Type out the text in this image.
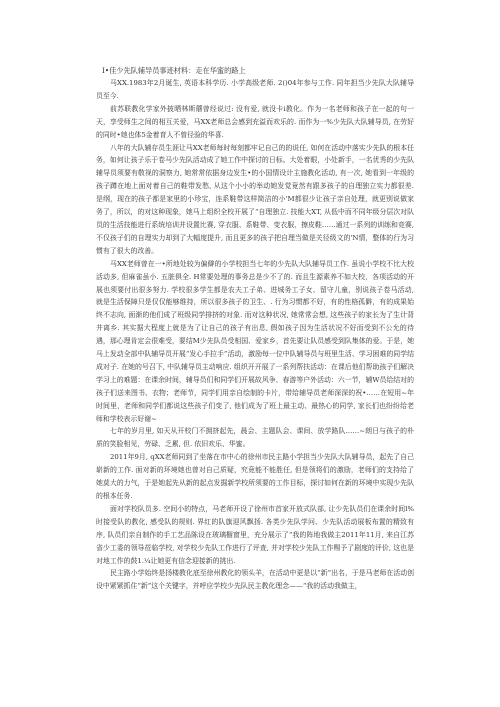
I•佳少先队辅导员事迹材料：走在华蜜的路上

马XX.1983年2月诞生, 英语本科学历. 小学高级老师. 2()04年参与工作. 同年担当少先队大队辅导员至今.

前苏联教化学家外披晒林斯蘑曾经说过: 没有爱, 就没卡i教化。作为一名老师和孩子在一起的句一天，享受师生之间的相互关爱，马XX老师总会感到充溢而欢乐的. 而作为一%少先队大队辅导员, 在劳好的同时•她也体5金着育人不曾径验的华喜.

八年的大队辅存员生涯让马XX老师每时每刻都牢记自己的的说任, 如何在活动中落实少先队的根本任务，如何让孩子乐于卷马少先队活动成了她工作中探讨的日标。大处着眼，小处新手，一名优秀的少先队辅导员须要有敬视的洞察力, 她常常依据身边发生•的小国情设计主施教化活动, 有一次, 她看到一年级的孩子蹲在地上面对着自己的鞋带发愁, 从这个小小的举动她发觉竟然有跟多孩子的自理独立实力都很差. 是纲，现在的孩子都是家里的小珍宝，连系鞋带这样简洁的小'M都很少让孩子亲自处理，就更别说做家务了，所以，的对这种现象，她马上组织全校开展了“自理独立. 技能大XT, 从低中而不同年级分层次对队员的生活技能进行系统培训并设置比赛, 穿衣服、系鞋带、变衣服、擦皮鞋……通过一系列的训练和竞赛, 不仅孩子们的自理实力却到了大幅度提升, 而且更多的孩子把自理当做是关径级文的'N情，整体的行为习惯有了很大的改善。

马XX老师曾在一•所地处较为偏僻的小学校担当七年的少先队大队辅导员工作. 虽说小学校不比大校活动多, 但麻雀虽小. 五脏俱全. H常要处理的事务总是少不了的. 而且生源素养不如大校，各项活动的开展也须要付出很多努力. 学校很多学生都是农夫工子弟、进城务工子女、留守儿童，别说孩子卷马活动, 就是生活保障只是仅仅能够维持，所以很多孩子的卫生、. 行为习惯都不好，有的性格孤僻，有的成果始终不志向, 面渐的他们成了班级同学排挤的对象. 而对这种状况, 她常常会想, 这些孩子的家长为了生计背井离乡. 其实据大程度上就是为了让自己的孩子有出息, 假如孩子因为生活状况不好而受到不公允的待遇，那心理肯定会很难受，要结M少先队员受相国、爱家乡，首先要让队员感受到队集体的爱。于是，她马上发动全部中队辅导员开展“发心手拉手”活动，激励每一位中队辅导员与班里生活、学习困难的同学结成对子. 在她的号召下, 中队辅导员主动响应. 组织开开展了一系列帮扶活动：在课后他们帮助孩子们解决学习上的难题：在课余时间，辅导员们和同学们开展故风争、春游等户外活动：六一节，辅W员给结对的孩子们送来图书、衣物；老师节，同学们用亲自绘制的卡片，带给辅导员老师深深的祝•……在短用~年时间里，老师和同学们都说这些孩子们变了, 他们成为了班上最主动、最热心的同学, 家长们也纷纷给老师和学校表示好谢~

七年的岁月里, 如天从开校门不拥挤起先，晨会、主题队会、课间、放学路队……~朗日与孩子的朴质的笑脸相见，劳碌、乏累, 但. 依旧欢乐、华蜜。

2011年9月, qXX老师同到了坐落在市中心的徐州市民主路小学担当少先队大队辅导员，起先了自己崭新的工作. 面对新的环境她也曾对自己质疑，究竟能不能胜任, 但是领将们的激励，老师们的支持给了她莫大的力气，于是她起先从新的起点发掘新学校所须要的工作目标，探讨如何在新的环境中实现少先队的根本任务.

面对学校队员多. 空间小的特点，马老师开设了徐州市首家开放式队部, 让少先队员们在课余时间l%时接受队的教化, 感受队的规则. 界红的队旗迎风飘扬. 各类少先队学问、少先队活动展板布置的精致有序, 队员们亲自制作的手工艺品陈设在玻璃橱窗里，充分展示了“我的阵地我做主2011年11月, 来自江苏省少工委的领导莅临学校, 对学校少先队工作进行了评查, 并对学校少先队工作赐予了剧度的评价, 这也是对地工作的鼓1.¼让她更有信念迎接新的挑出.

民主路小学始终是扬楼教化底至徐州教化的领头羊，在活动中更是以“新”出名，于是马老师在活动创设中紧紧抓住“新”这个关键字，并呼应学校少先队民主教化理念——“我的活动我做主，
